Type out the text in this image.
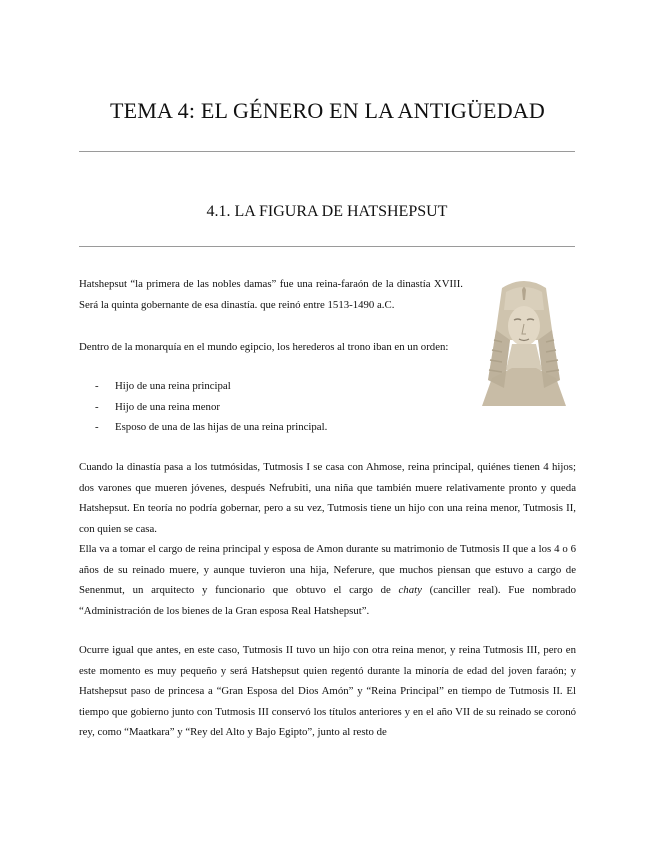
TEMA 4: EL GÉNERO EN LA ANTIGÜEDAD
4.1. LA FIGURA DE HATSHEPSUT

Hatshepsut “la primera de las nobles damas” fue una reina-faraón de la dinastía XVIII. Será la quinta gobernante de esa dinastía. que reinó entre 1513-1490 a.C.

Dentro de la monarquía en el mundo egipcio, los herederos al trono iban en un orden:

- Hijo de una reina principal
- Hijo de una reina menor
- Esposo de una de las hijas de una reina principal.

Cuando la dinastía pasa a los tutmósidas, Tutmosis I se casa con Ahmose, reina principal, quiénes tienen 4 hijos; dos varones que mueren jóvenes, después Nefrubiti, una niña que también muere relativamente pronto y queda Hatshepsut. En teoría no podría gobernar, pero a su vez, Tutmosis tiene un hijo con una reina menor, Tutmosis II, con quien se casa.

Ella va a tomar el cargo de reina principal y esposa de Amon durante su matrimonio de Tutmosis II que a los 4 o 6 años de su reinado muere, y aunque tuvieron una hija, Neferure, que muchos piensan que estuvo a cargo de Senenmut, un arquitecto y funcionario que obtuvo el cargo de chaty (canciller real). Fue nombrado “Administración de los bienes de la Gran esposa Real Hatshepsut”.

Ocurre igual que antes, en este caso, Tutmosis II tuvo un hijo con otra reina menor, y reina Tutmosis III, pero en este momento es muy pequeño y será Hatshepsut quien regentó durante la minoría de edad del joven faraón; y Hatshepsut paso de princesa a “Gran Esposa del Dios Amón” y “Reina Principal” en tiempo de Tutmosis II. El tiempo que gobierno junto con Tutmosis III conservó los títulos anteriores y en el año VII de su reinado se coronó rey, como “Maatkara” y “Rey del Alto y Bajo Egipto”, junto al resto de
